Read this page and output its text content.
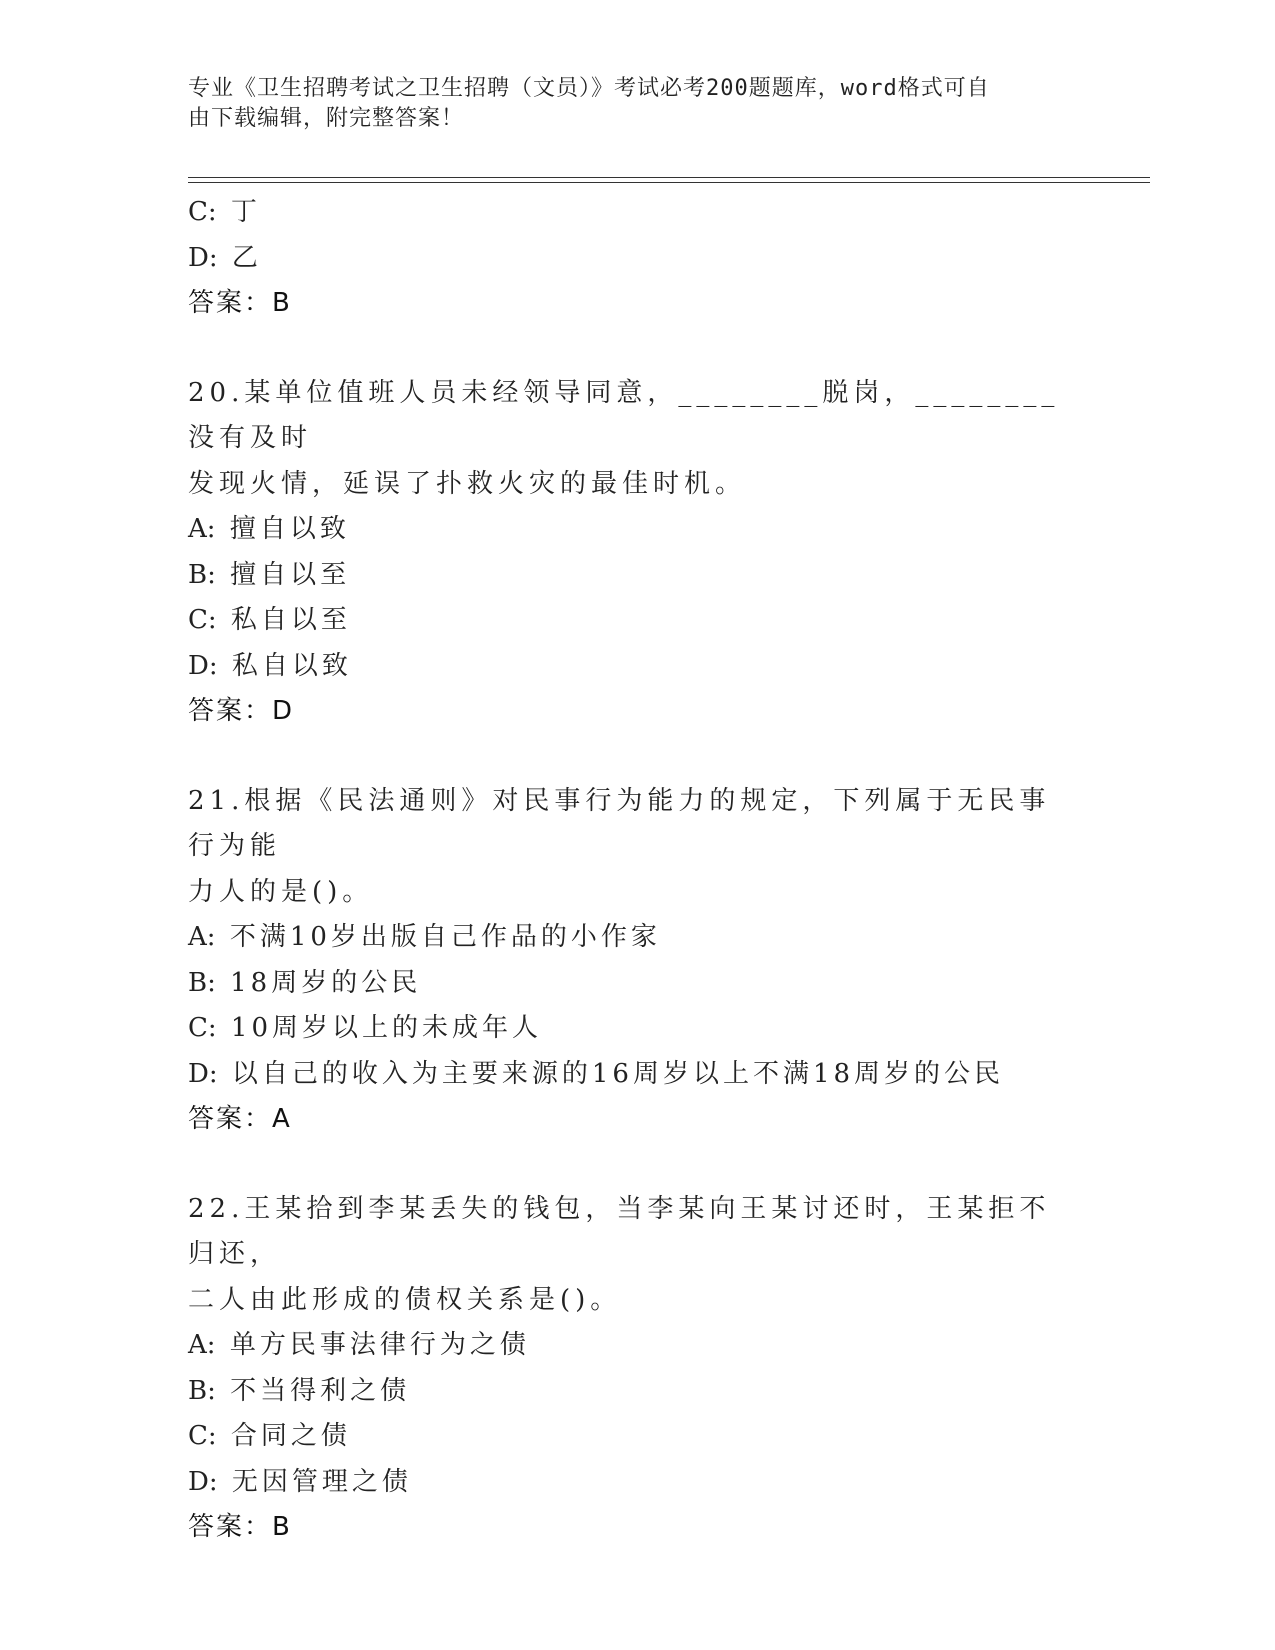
专业《卫生招聘考试之卫生招聘（文员）》考试必考200题题库，word格式可自
由下载编辑，附完整答案！
C: 丁
D: 乙
答案：B
20.某单位值班人员未经领导同意，________脱岗，________没有及时
发现火情，延误了扑救火灾的最佳时机。
A: 擅自以致
B: 擅自以至
C: 私自以至
D: 私自以致
答案：D
21.根据《民法通则》对民事行为能力的规定，下列属于无民事行为能
力人的是()。
A: 不满10岁出版自己作品的小作家
B: 18周岁的公民
C: 10周岁以上的未成年人
D: 以自己的收入为主要来源的16周岁以上不满18周岁的公民
答案：A
22.王某拾到李某丢失的钱包，当李某向王某讨还时，王某拒不归还，
二人由此形成的债权关系是()。
A: 单方民事法律行为之债
B: 不当得利之债
C: 合同之债
D: 无因管理之债
答案：B
